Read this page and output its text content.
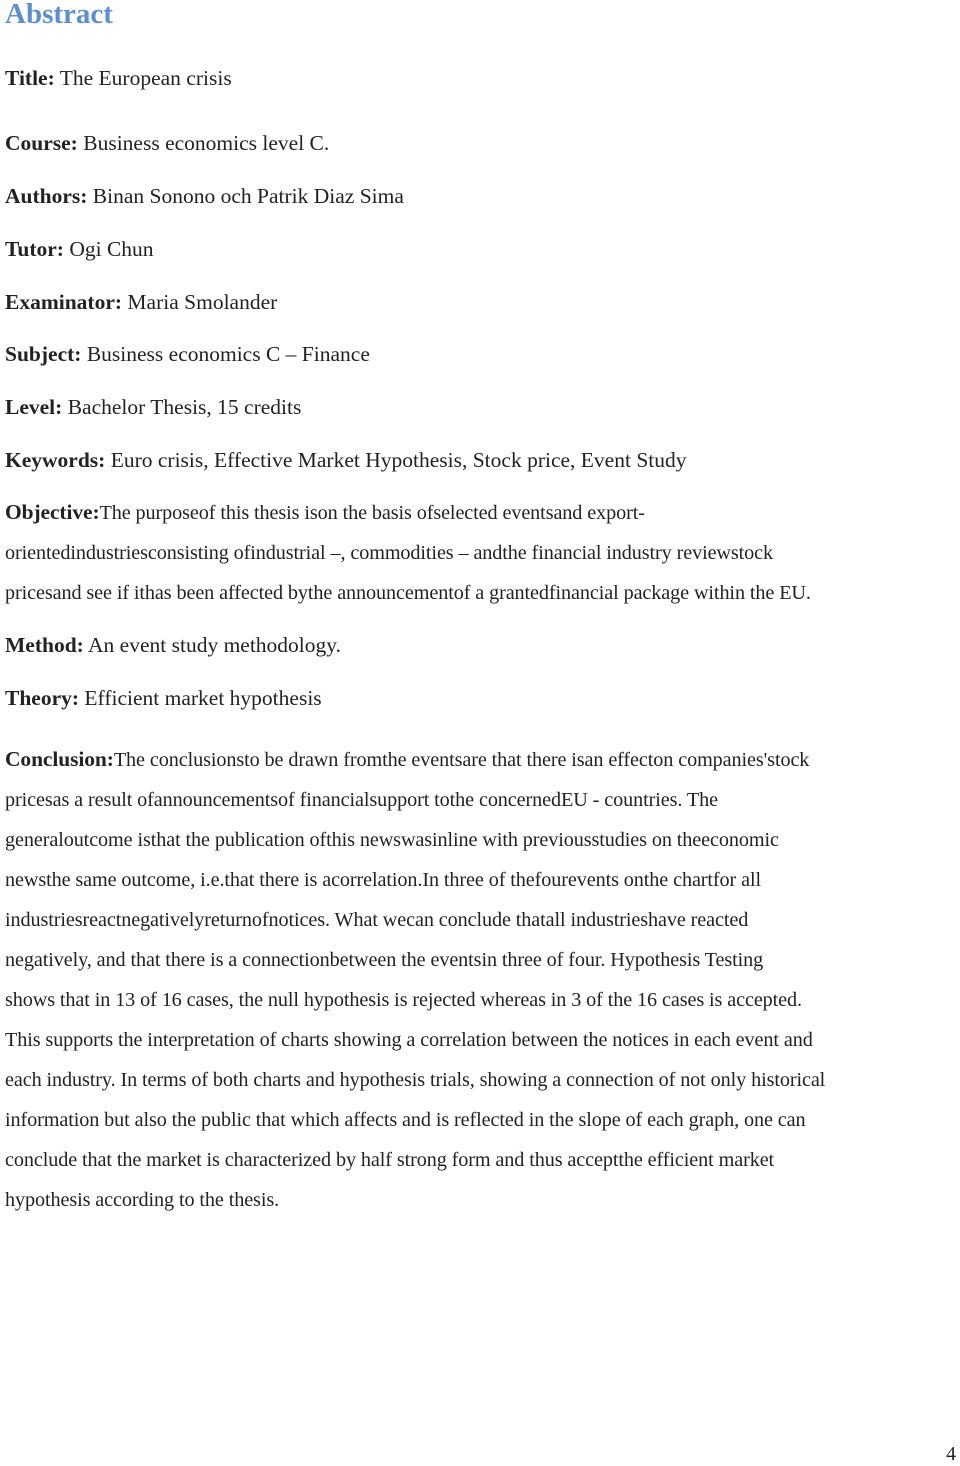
Abstract

Title: The European crisis

Course: Business economics level C.

Authors: Binan Sonono och Patrik Diaz Sima

Tutor: Ogi Chun

Examinator: Maria Smolander

Subject: Business economics C – Finance

Level: Bachelor Thesis, 15 credits

Keywords: Euro crisis, Effective Market Hypothesis, Stock price, Event Study

Objective:The purposeof this thesis ison the basis ofselected eventsand export-
orientedindustriesconsisting ofindustrial –, commodities – andthe financial industry reviewstock
pricesand see if ithas been affected bythe announcementof a grantedfinancial package within the EU.

Method: An event study methodology.

Theory: Efficient market hypothesis

Conclusion:The conclusionsto be drawn fromthe eventsare that there isan effecton companies'stock
pricesas a result ofannouncementsof financialsupport tothe concernedEU - countries. The
generaloutcome isthat the publication ofthis newswasinline with previousstudies on theeconomic
newsthe same outcome, i.e.that there is acorrelation.In three of thefourevents onthe chartfor all
industriesreactnegativelyreturnofnotices. What wecan conclude thatall industrieshave reacted
negatively, and that there is a connectionbetween the eventsin three of four. Hypothesis Testing
shows that in 13 of 16 cases, the null hypothesis is rejected whereas in 3 of the 16 cases is accepted.
This supports the interpretation of charts showing a correlation between the notices in each event and
each industry. In terms of both charts and hypothesis trials, showing a connection of not only historical
information but also the public that which affects and is reflected in the slope of each graph, one can
conclude that the market is characterized by half strong form and thus acceptthe efficient market
hypothesis according to the thesis.
4
